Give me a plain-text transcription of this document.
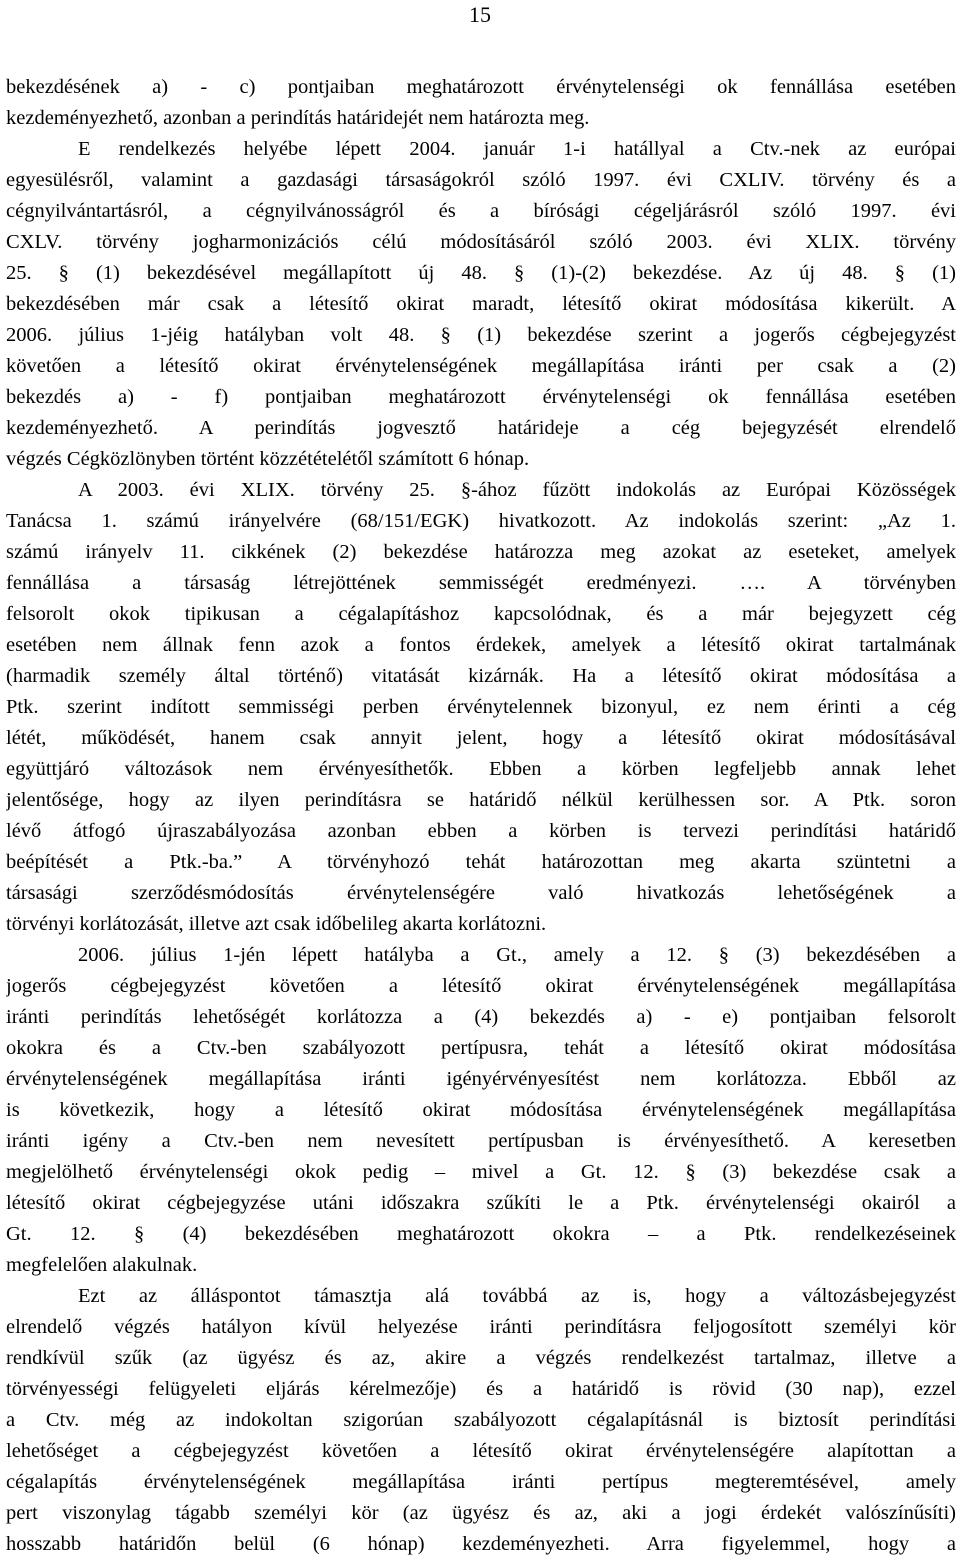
15
bekezdésének a) - c) pontjaiban meghatározott érvénytelenségi ok fennállása esetében
kezdeményezhető, azonban a perindítás határidejét nem határozta meg.
E rendelkezés helyébe lépett 2004. január 1-i hatállyal a Ctv.-nek az európai
egyesülésről, valamint a gazdasági társaságokról szóló 1997. évi CXLIV. törvény és a
cégnyilvántartásról, a cégnyilvánosságról és a bírósági cégeljárásról szóló 1997. évi
CXLV. törvény jogharmonizációs célú módosításáról szóló 2003. évi XLIX. törvény
25. § (1) bekezdésével megállapított új 48. § (1)-(2) bekezdése. Az új 48. § (1)
bekezdésében már csak a létesítő okirat maradt, létesítő okirat módosítása kikerült. A
2006. július 1-jéig hatályban volt 48. § (1) bekezdése szerint a jogerős cégbejegyzést
követően a létesítő okirat érvénytelenségének megállapítása iránti per csak a (2)
bekezdés a) - f) pontjaiban meghatározott érvénytelenségi ok fennállása esetében
kezdeményezhető. A perindítás jogvesztő határideje a cég bejegyzését elrendelő
végzés Cégközlönyben történt közzétételétől számított 6 hónap.
A 2003. évi XLIX. törvény 25. §-ához fűzött indokolás az Európai Közösségek
Tanácsa 1. számú irányelvére (68/151/EGK) hivatkozott. Az indokolás szerint: „Az 1.
számú irányelv 11. cikkének (2) bekezdése határozza meg azokat az eseteket, amelyek
fennállása a társaság létrejöttének semmisségét eredményezi. …. A törvényben
felsorolt okok tipikusan a cégalapításhoz kapcsolódnak, és a már bejegyzett cég
esetében nem állnak fenn azok a fontos érdekek, amelyek a létesítő okirat tartalmának
(harmadik személy által történő) vitatását kizárnák. Ha a létesítő okirat módosítása a
Ptk. szerint indított semmisségi perben érvénytelennek bizonyul, ez nem érinti a cég
létét, működését, hanem csak annyit jelent, hogy a létesítő okirat módosításával
együttjáró változások nem érvényesíthetők. Ebben a körben legfeljebb annak lehet
jelentősége, hogy az ilyen perindításra se határidő nélkül kerülhessen sor. A Ptk. soron
lévő átfogó újraszabályozása azonban ebben a körben is tervezi perindítási határidő
beépítését a Ptk.-ba.” A törvényhozó tehát határozottan meg akarta szüntetni a
társasági szerződésmódosítás érvénytelenségére való hivatkozás lehetőségének a
törvényi korlátozását, illetve azt csak időbelileg akarta korlátozni.
2006. július 1-jén lépett hatályba a Gt., amely a 12. § (3) bekezdésében a
jogerős cégbejegyzést követően a létesítő okirat érvénytelenségének megállapítása
iránti perindítás lehetőségét korlátozza a (4) bekezdés a) - e) pontjaiban felsorolt
okokra és a Ctv.-ben szabályozott pertípusra, tehát a létesítő okirat módosítása
érvénytelenségének megállapítása iránti igényérvényesítést nem korlátozza. Ebből az
is következik, hogy a létesítő okirat módosítása érvénytelenségének megállapítása
iránti igény a Ctv.-ben nem nevesített pertípusban is érvényesíthető. A keresetben
megjelölhető érvénytelenségi okok pedig – mivel a Gt. 12. § (3) bekezdése csak a
létesítő okirat cégbejegyzése utáni időszakra szűkíti le a Ptk. érvénytelenségi okairól a
Gt. 12. § (4) bekezdésében meghatározott okokra – a Ptk. rendelkezéseinek
megfelelően alakulnak.
Ezt az álláspontot támasztja alá továbbá az is, hogy a változásbejegyzést
elrendelő végzés hatályon kívül helyezése iránti perindításra feljogosított személyi kör
rendkívül szűk (az ügyész és az, akire a végzés rendelkezést tartalmaz, illetve a
törvényességi felügyeleti eljárás kérelmezője) és a határidő is rövid (30 nap), ezzel
a Ctv. még az indokoltan szigorúan szabályozott cégalapításnál is biztosít perindítási
lehetőséget a cégbejegyzést követően a létesítő okirat érvénytelenségére alapítottan a
cégalapítás érvénytelenségének megállapítása iránti pertípus megteremtésével, amely
pert viszonylag tágabb személyi kör (az ügyész és az, aki a jogi érdekét valószínűsíti)
hosszabb határidőn belül (6 hónap) kezdeményezheti. Arra figyelemmel, hogy a
